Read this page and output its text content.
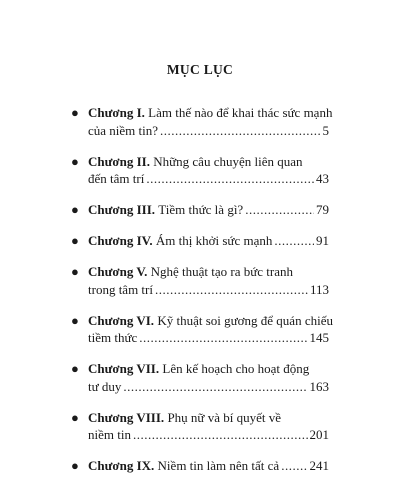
MỤC LỤC
● Chương I. Làm thế nào để khai thác sức mạnh
của niềm tin? .....	5
● Chương II. Những câu chuyện liên quan
đến tâm trí .....	43
● Chương III.
Tiềm thức là gì? .....	79
● Chương IV.
Ám thị khởi sức mạnh .....	91
● Chương V. Nghệ thuật tạo ra bức tranh
trong tâm trí .....	113
● Chương VI. Kỹ thuật soi gương để quán chiếu
tiềm thức .....	145
● Chương VII. Lên kế hoạch cho hoạt động
tư duy .....	163
● Chương VIII. Phụ nữ và bí quyết về
niềm tin .....	201
● Chương IX.
Niềm tin làm nên tất cả ..... 241
